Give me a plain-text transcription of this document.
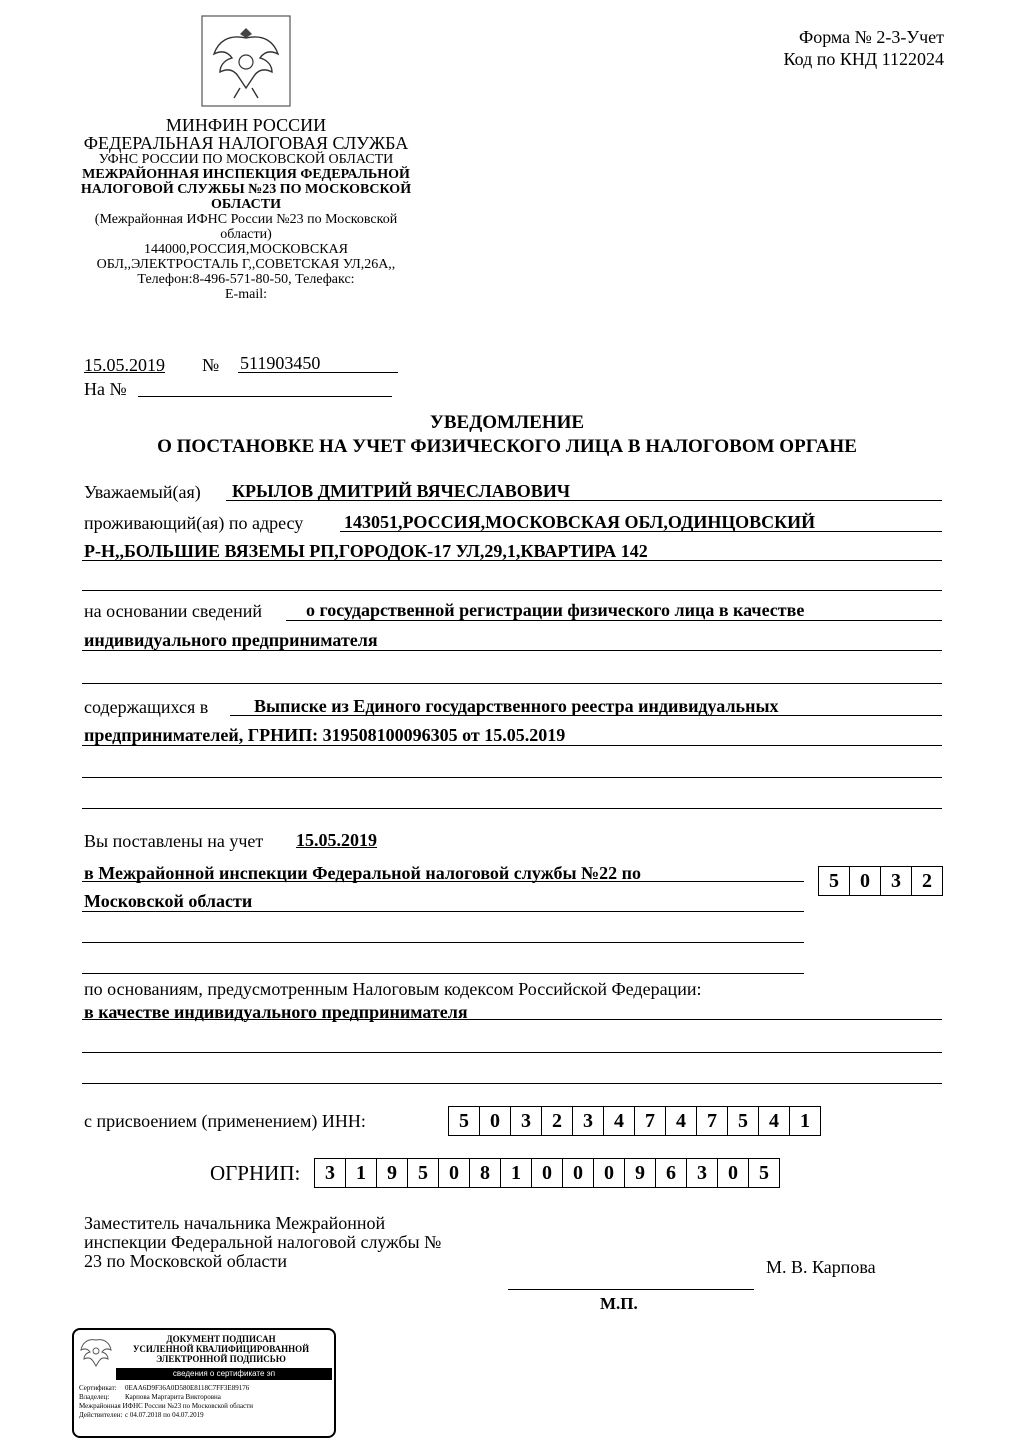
Форма № 2-3-Учет
Код по КНД 1122024
МИНФИН РОССИИ
ФЕДЕРАЛЬНАЯ НАЛОГОВАЯ СЛУЖБА
УФНС РОССИИ ПО МОСКОВСКОЙ ОБЛАСТИ
МЕЖРАЙОННАЯ ИНСПЕКЦИЯ ФЕДЕРАЛЬНОЙ
НАЛОГОВОЙ СЛУЖБЫ №23 ПО МОСКОВСКОЙ
ОБЛАСТИ
(Межрайонная ИФНС России №23 по Московской
области)
144000,РОССИЯ,МОСКОВСКАЯ
ОБЛ,,ЭЛЕКТРОСТАЛЬ Г,,СОВЕТСКАЯ УЛ,26А,,
Телефон:8-496-571-80-50, Телефакс:
E-mail:
15.05.2019 № 511903450
На №
УВЕДОМЛЕНИЕ
О ПОСТАНОВКЕ НА УЧЕТ ФИЗИЧЕСКОГО ЛИЦА В НАЛОГОВОМ ОРГАНЕ
Уважаемый(ая) КРЫЛОВ ДМИТРИЙ ВЯЧЕСЛАВОВИЧ
проживающий(ая) по адресу 143051,РОССИЯ,МОСКОВСКАЯ ОБЛ,ОДИНЦОВСКИЙ
Р-Н,,БОЛЬШИЕ ВЯЗЕМЫ РП,ГОРОДОК-17 УЛ,29,1,КВАРТИРА 142
на основании сведений о государственной регистрации физического лица в качестве
индивидуального предпринимателя
содержащихся в	Выписке из Единого государственного реестра индивидуальных
предпринимателей, ГРНИП: 319508100096305 от 15.05.2019
Вы поставлены на учет 15.05.2019
в Межрайонной инспекции Федеральной налоговой службы №22 по
Московской области
5	0	3	2
по основаниям, предусмотренным Налоговым кодексом Российской Федерации:
в качестве индивидуального предпринимателя
с присвоением (применением) ИНН:	5	0	3	2	3	4	7	4	7	5	4	1
ОГРНИП:	3	1	9	5	0	8	1	0	0	0	9	6	3	0	5
Заместитель начальника Межрайонной
инспекции Федеральной налоговой службы №
23 по Московской области	М. В. Карпова
М.П.
ДОКУМЕНТ ПОДПИСАН
УСИЛЕННОЙ КВАЛИФИЦИРОВАННОЙ
ЭЛЕКТРОННОЙ ПОДПИСЬЮ
сведения о сертификате эп
Сертификат: 0EAA6D9F36A0D580E8118C7FF3E89176
Владелец: Карпова Маргарита Викторовна
Межрайонная ИФНС России №23 по Московской области
Действителен: с 04.07.2018 по 04.07.2019
